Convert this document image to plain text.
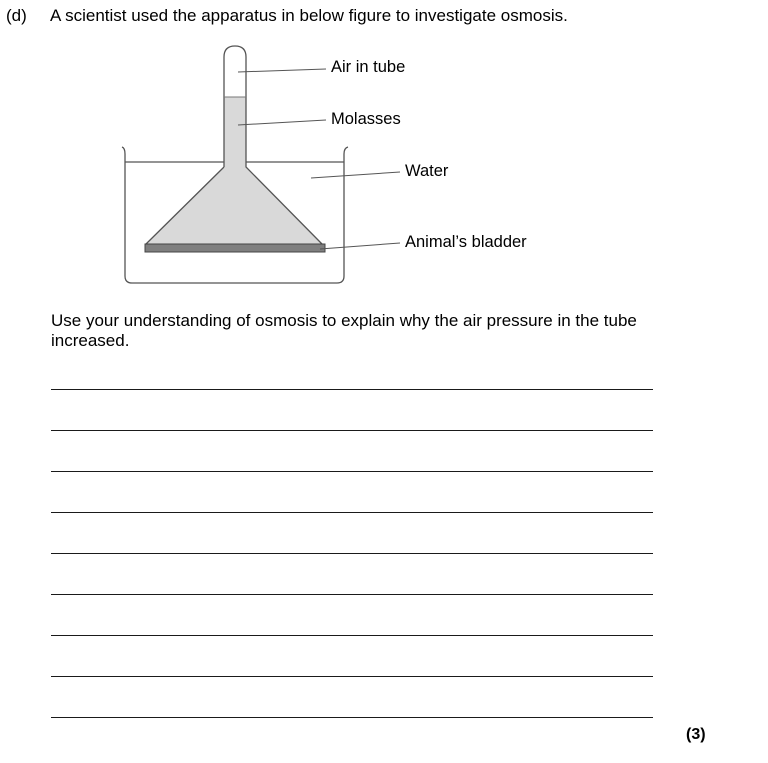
(d) A scientist used the apparatus in below figure to investigate osmosis.
Air in tube
Molasses
Water
Animal’s bladder
Use your understanding of osmosis to explain why the air pressure in the tube increased.
(3)
